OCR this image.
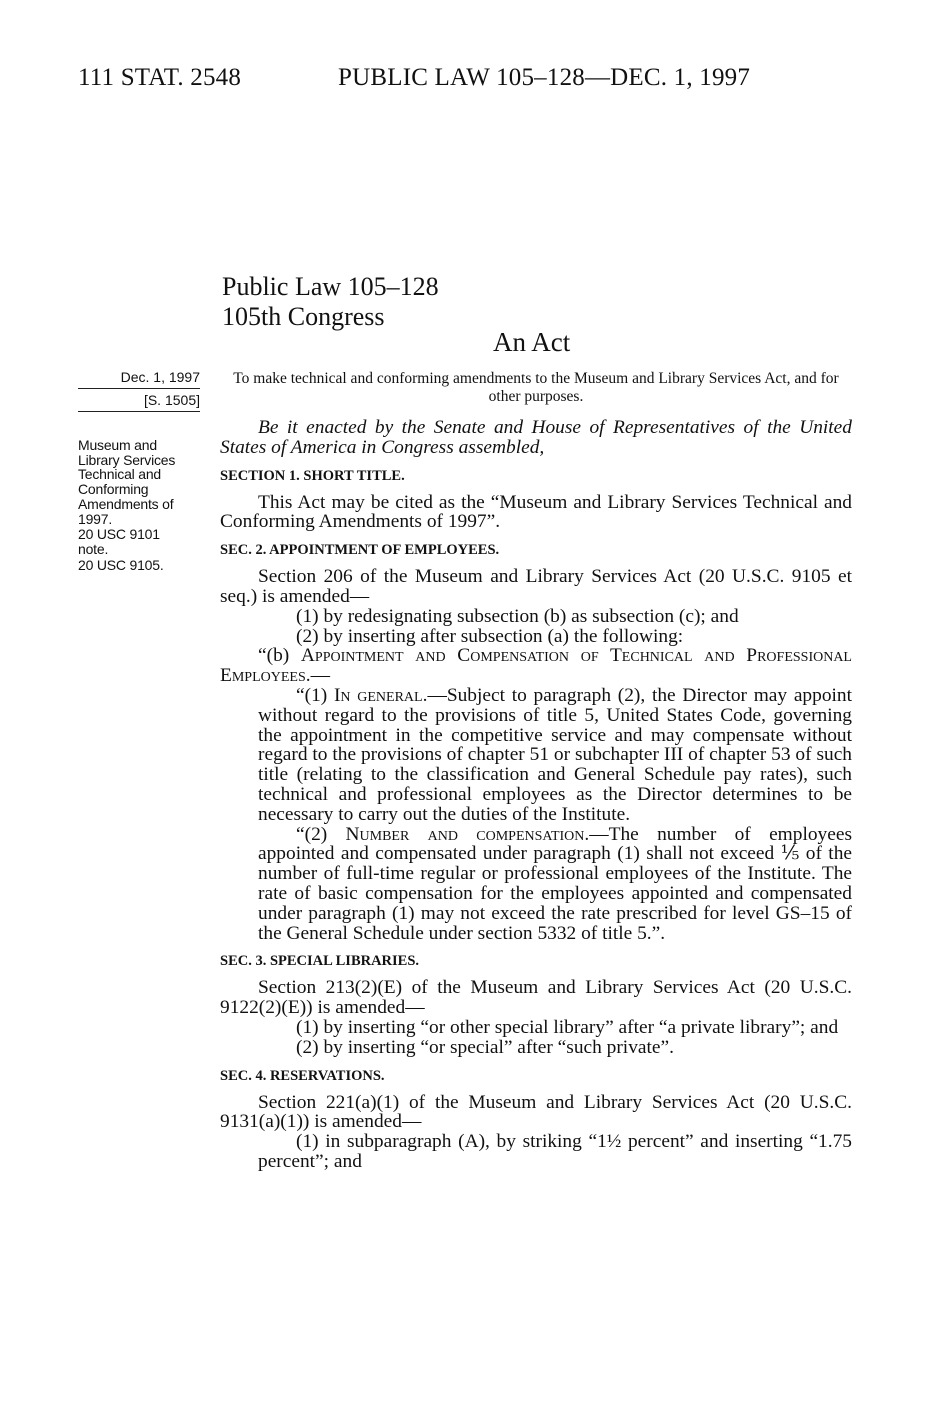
111 STAT. 2548	PUBLIC LAW 105–128—DEC. 1, 1997
Public Law 105–128
105th Congress
An Act
Dec. 1, 1997
[S. 1505]
Museum and
Library Services
Technical and
Conforming
Amendments of
1997.
20 USC 9101
note.
20 USC 9105.
To make technical and conforming amendments to the Museum and Library Services Act, and for other purposes.

Be it enacted by the Senate and House of Representatives of the United States of America in Congress assembled,

SECTION 1. SHORT TITLE.

This Act may be cited as the “Museum and Library Services Technical and Conforming Amendments of 1997”.

SEC. 2. APPOINTMENT OF EMPLOYEES.

Section 206 of the Museum and Library Services Act (20 U.S.C. 9105 et seq.) is amended—

(1) by redesignating subsection (b) as subsection (c); and

(2) by inserting after subsection (a) the following:

“(b) Appointment and Compensation of Technical and Professional Employees.—

“(1) In general.—Subject to paragraph (2), the Director may appoint without regard to the provisions of title 5, United States Code, governing the appointment in the competitive service and may compensate without regard to the provisions of chapter 51 or subchapter III of chapter 53 of such title (relating to the classification and General Schedule pay rates), such technical and professional employees as the Director determines to be necessary to carry out the duties of the Institute.

“(2) Number and compensation.—The number of employees appointed and compensated under paragraph (1) shall not exceed ⅕ of the number of full-time regular or professional employees of the Institute. The rate of basic compensation for the employees appointed and compensated under paragraph (1) may not exceed the rate prescribed for level GS–15 of the General Schedule under section 5332 of title 5.”.

SEC. 3. SPECIAL LIBRARIES.

Section 213(2)(E) of the Museum and Library Services Act (20 U.S.C. 9122(2)(E)) is amended—

(1) by inserting “or other special library” after “a private library”; and

(2) by inserting “or special” after “such private”.

SEC. 4. RESERVATIONS.

Section 221(a)(1) of the Museum and Library Services Act (20 U.S.C. 9131(a)(1)) is amended—

(1) in subparagraph (A), by striking “1½ percent” and inserting “1.75 percent”; and
